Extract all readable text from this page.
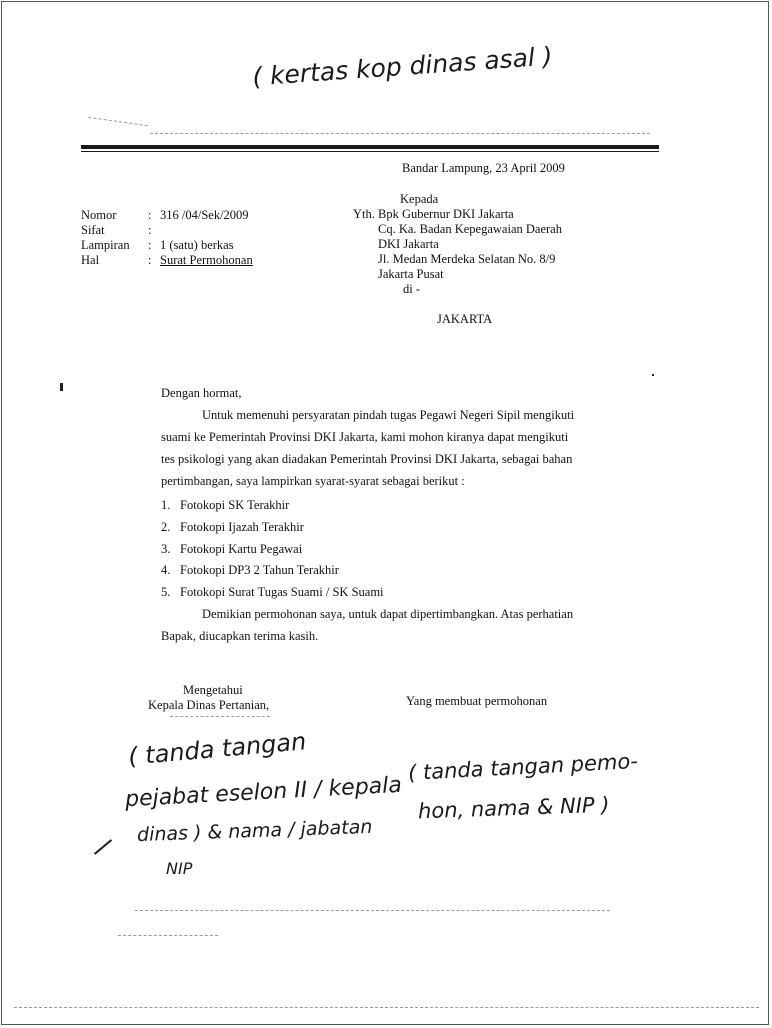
( kertas kop dinas asal )
Bandar Lampung, 23 April 2009
Kepada
Yth. Bpk Gubernur DKI Jakarta
Cq. Ka. Badan Kepegawaian Daerah
DKI Jakarta
Jl. Medan Merdeka Selatan No. 8/9
Jakarta Pusat
di -
JAKARTA
Nomor	: 316 /04/Sek/2009
Sifat	:
Lampiran : 1 (satu) berkas
Hal	: Surat Permohonan
Dengan hormat,
Untuk memenuhi persyaratan pindah tugas Pegawi Negeri Sipil mengikuti
suami ke Pemerintah Provinsi DKI Jakarta, kami mohon kiranya dapat mengikuti
tes psikologi yang akan diadakan Pemerintah Provinsi DKI Jakarta, sebagai bahan
pertimbangan, saya lampirkan syarat-syarat sebagai berikut :
1. Fotokopi SK Terakhir
2. Fotokopi Ijazah Terakhir
3. Fotokopi Kartu Pegawai
4. Fotokopi DP3 2 Tahun Terakhir
5. Fotokopi Surat Tugas Suami / SK Suami
Demikian permohonan saya, untuk dapat dipertimbangkan. Atas perhatian
Bapak, diucapkan terima kasih.
Mengetahui
Kepala Dinas Pertanian,	Yang membuat permohonan
( tanda tangan
pejabat eselon II / kepala
dinas ) & nama / jabatan
NIP
( tanda tangan pemo-
hon, nama & NIP )
